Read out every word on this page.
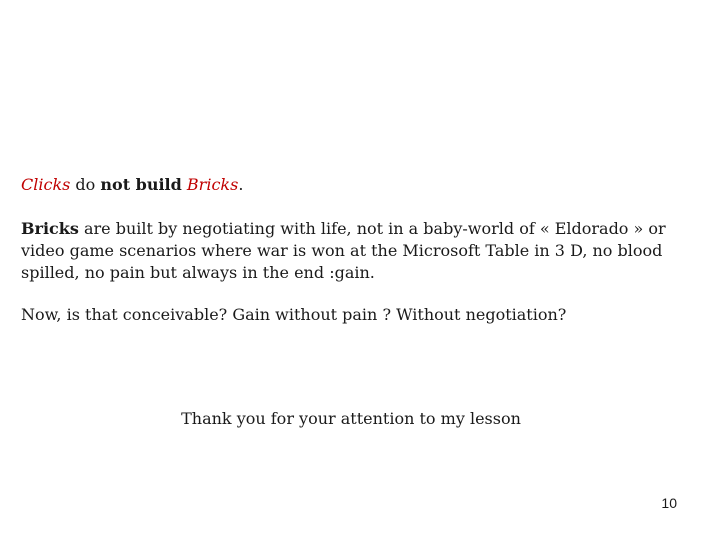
Clicks do not build Bricks.

Bricks are built by negotiating with life, not in a baby-world of « Eldorado » or video game scenarios where war is won at the Microsoft Table in 3 D, no blood spilled, no pain but always in the end :gain.

Now, is that conceivable? Gain without pain ? Without negotiation?

Thank you for your attention to my lesson
10
